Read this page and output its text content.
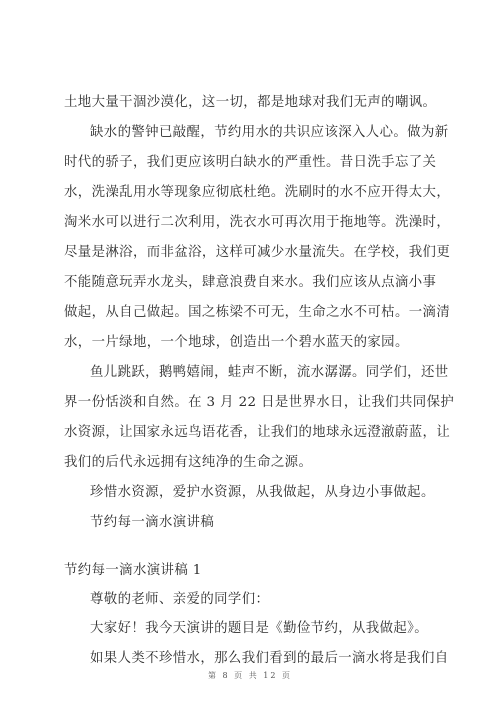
土地大量干涸沙漠化，这一切，都是地球对我们无声的嘲讽。
缺水的警钟已敲醒，节约用水的共识应该深入人心。做为新
时代的骄子，我们更应该明白缺水的严重性。昔日洗手忘了关
水，洗澡乱用水等现象应彻底杜绝。洗刷时的水不应开得太大，
淘米水可以进行二次利用，洗衣水可再次用于拖地等。洗澡时，
尽量是淋浴，而非盆浴，这样可减少水量流失。在学校，我们更
不能随意玩弄水龙头，肆意浪费自来水。我们应该从点滴小事
做起，从自己做起。国之栋梁不可无，生命之水不可枯。一滴清
水，一片绿地，一个地球，创造出一个碧水蓝天的家园。
鱼儿跳跃，鹅鸭嬉闹，蛙声不断，流水潺潺。同学们，还世
界一份恬淡和自然。在 3 月 22 日是世界水日，让我们共同保护
水资源，让国家永远鸟语花香，让我们的地球永远澄澈蔚蓝，让
我们的后代永远拥有这纯净的生命之源。
珍惜水资源，爱护水资源，从我做起，从身边小事做起。
节约每一滴水演讲稿
节约每一滴水演讲稿 1
尊敬的老师、亲爱的同学们：
大家好！我今天演讲的题目是《勤俭节约，从我做起》。
如果人类不珍惜水，那么我们看到的最后一滴水将是我们自
第 8 页 共 12 页
